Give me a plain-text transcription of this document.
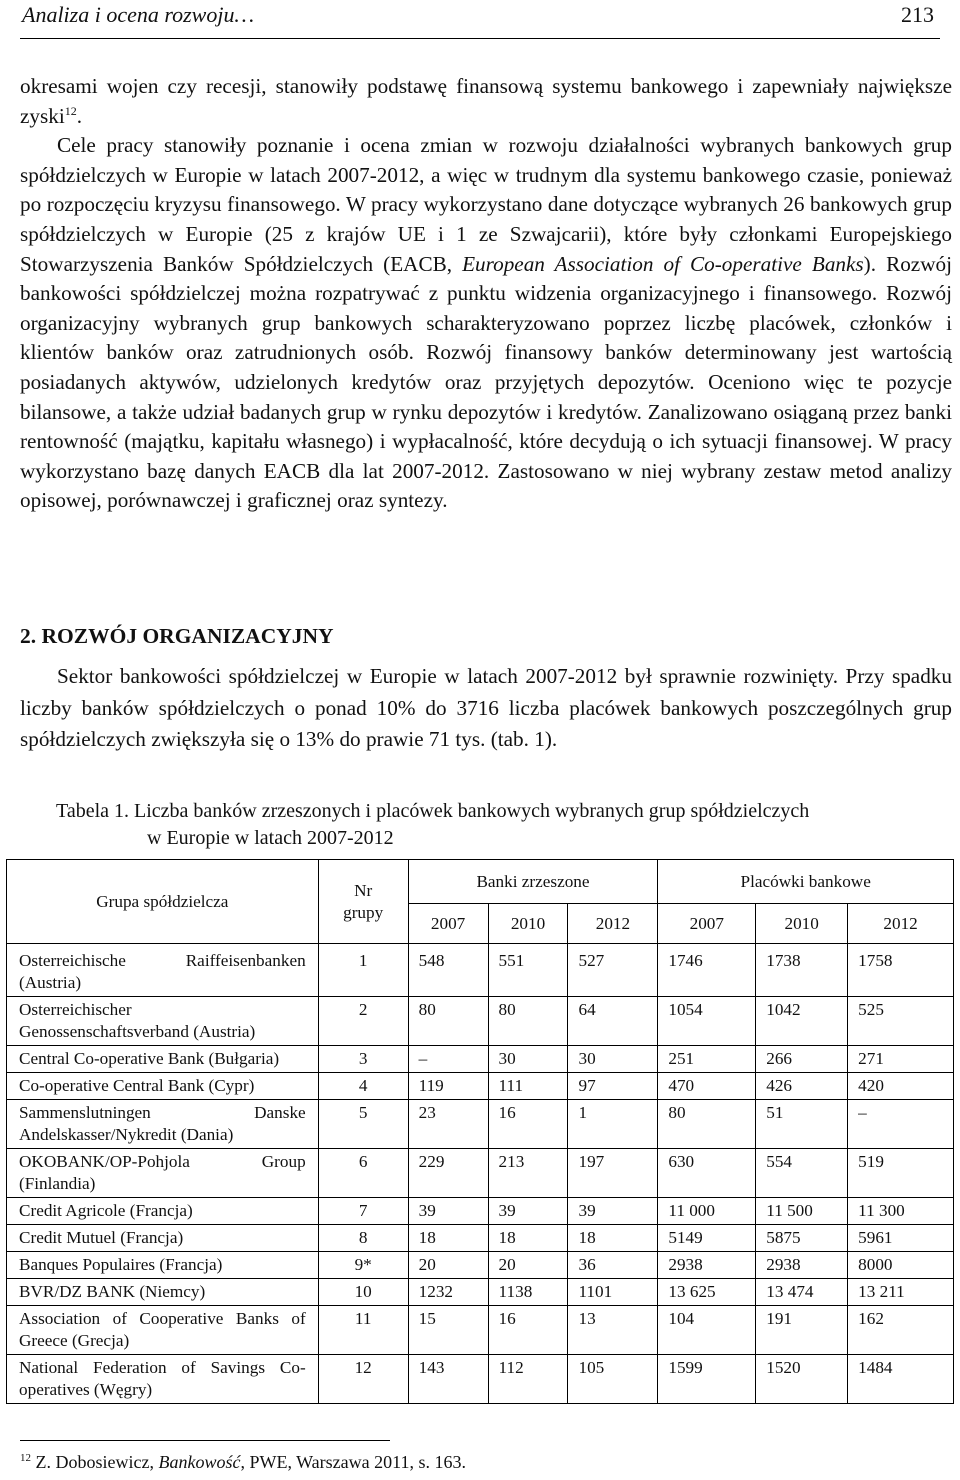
Analiza i ocena rozwoju…	213

okresami wojen czy recesji, stanowiły podstawę finansową systemu bankowego i zapewniały największe zyski$^{12}$.

Cele pracy stanowiły poznanie i ocena zmian w rozwoju działalności wybranych bankowych grup spółdzielczych w Europie w latach 2007‐2012, a więc w trudnym dla systemu bankowego czasie, ponieważ po rozpoczęciu kryzysu finansowego. W pracy wykorzystano dane dotyczące wybranych 26 bankowych grup spółdzielczych w Europie (25 z krajów UE i 1 ze Szwajcarii), które były członkami Europejskiego Stowarzyszenia Banków Spółdzielczych (EACB, European Association of Co-operative Banks). Rozwój bankowości spółdzielczej można rozpatrywać z punktu widzenia organizacyjnego i finansowego. Rozwój organizacyjny wybranych grup bankowych scharakteryzowano poprzez liczbę placówek, członków i klientów banków oraz zatrudnionych osób. Rozwój finansowy banków determinowany jest wartością posiadanych aktywów, udzielonych kredytów oraz przyjętych depozytów. Oceniono więc te pozycje bilansowe, a także udział badanych grup w rynku depozytów i kredytów. Zanalizowano osiąganą przez banki rentowność (majątku, kapitału własnego) i wypłacalność, które decydują o ich sytuacji finansowej. W pracy wykorzystano bazę danych EACB dla lat 2007‐2012. Zastosowano w niej wybrany zestaw metod analizy opisowej, porównawczej i graficznej oraz syntezy.

2. ROZWÓJ ORGANIZACYJNY

Sektor bankowości spółdzielczej w Europie w latach 2007‐2012 był sprawnie rozwinięty. Przy spadku liczby banków spółdzielczych o ponad 10% do 3716 liczba placówek bankowych poszczególnych grup spółdzielczych zwiększyła się o 13% do prawie 71 tys. (tab. 1).

Tabela 1. Liczba banków zrzeszonych i placówek bankowych wybranych grup spółdzielczych
w Europie w latach 2007‐2012
Grupa spółdzielcza	Nr grupy	Banki zrzeszone			Placówki bankowe		
		2007	2010	2012	2007	2010	2012
Osterreichische Raiffeisenbanken (Austria)	1	548	551	527	1746	1738	1758
Osterreichischer Genossenschaftsverband (Austria)	2	80	80	64	1054	1042	525
Central Co-operative Bank (Bułgaria)	3	–	30	30	251	266	271
Co-operative Central Bank (Cypr)	4	119	111	97	470	426	420
Sammenslutningen Danske Andelskasser/Nykredit (Dania)	5	23	16	1	80	51	–
OKOBANK/OP-Pohjola Group (Finlandia)	6	229	213	197	630	554	519
Credit Agricole (Francja)	7	39	39	39	11 000	11 500	11 300
Credit Mutuel (Francja)	8	18	18	18	5149	5875	5961
Banques Populaires (Francja)	9*	20	20	36	2938	2938	8000
BVR/DZ BANK (Niemcy)	10	1232	1138	1101	13 625	13 474	13 211
Association of Cooperative Banks of Greece (Grecja)	11	15	16	13	104	191	162
National Federation of Savings Co-operatives (Węgry)	12	143	112	105	1599	1520	1484
$^{12}$ Z. Dobosiewicz, Bankowość, PWE, Warszawa 2011, s. 163.
